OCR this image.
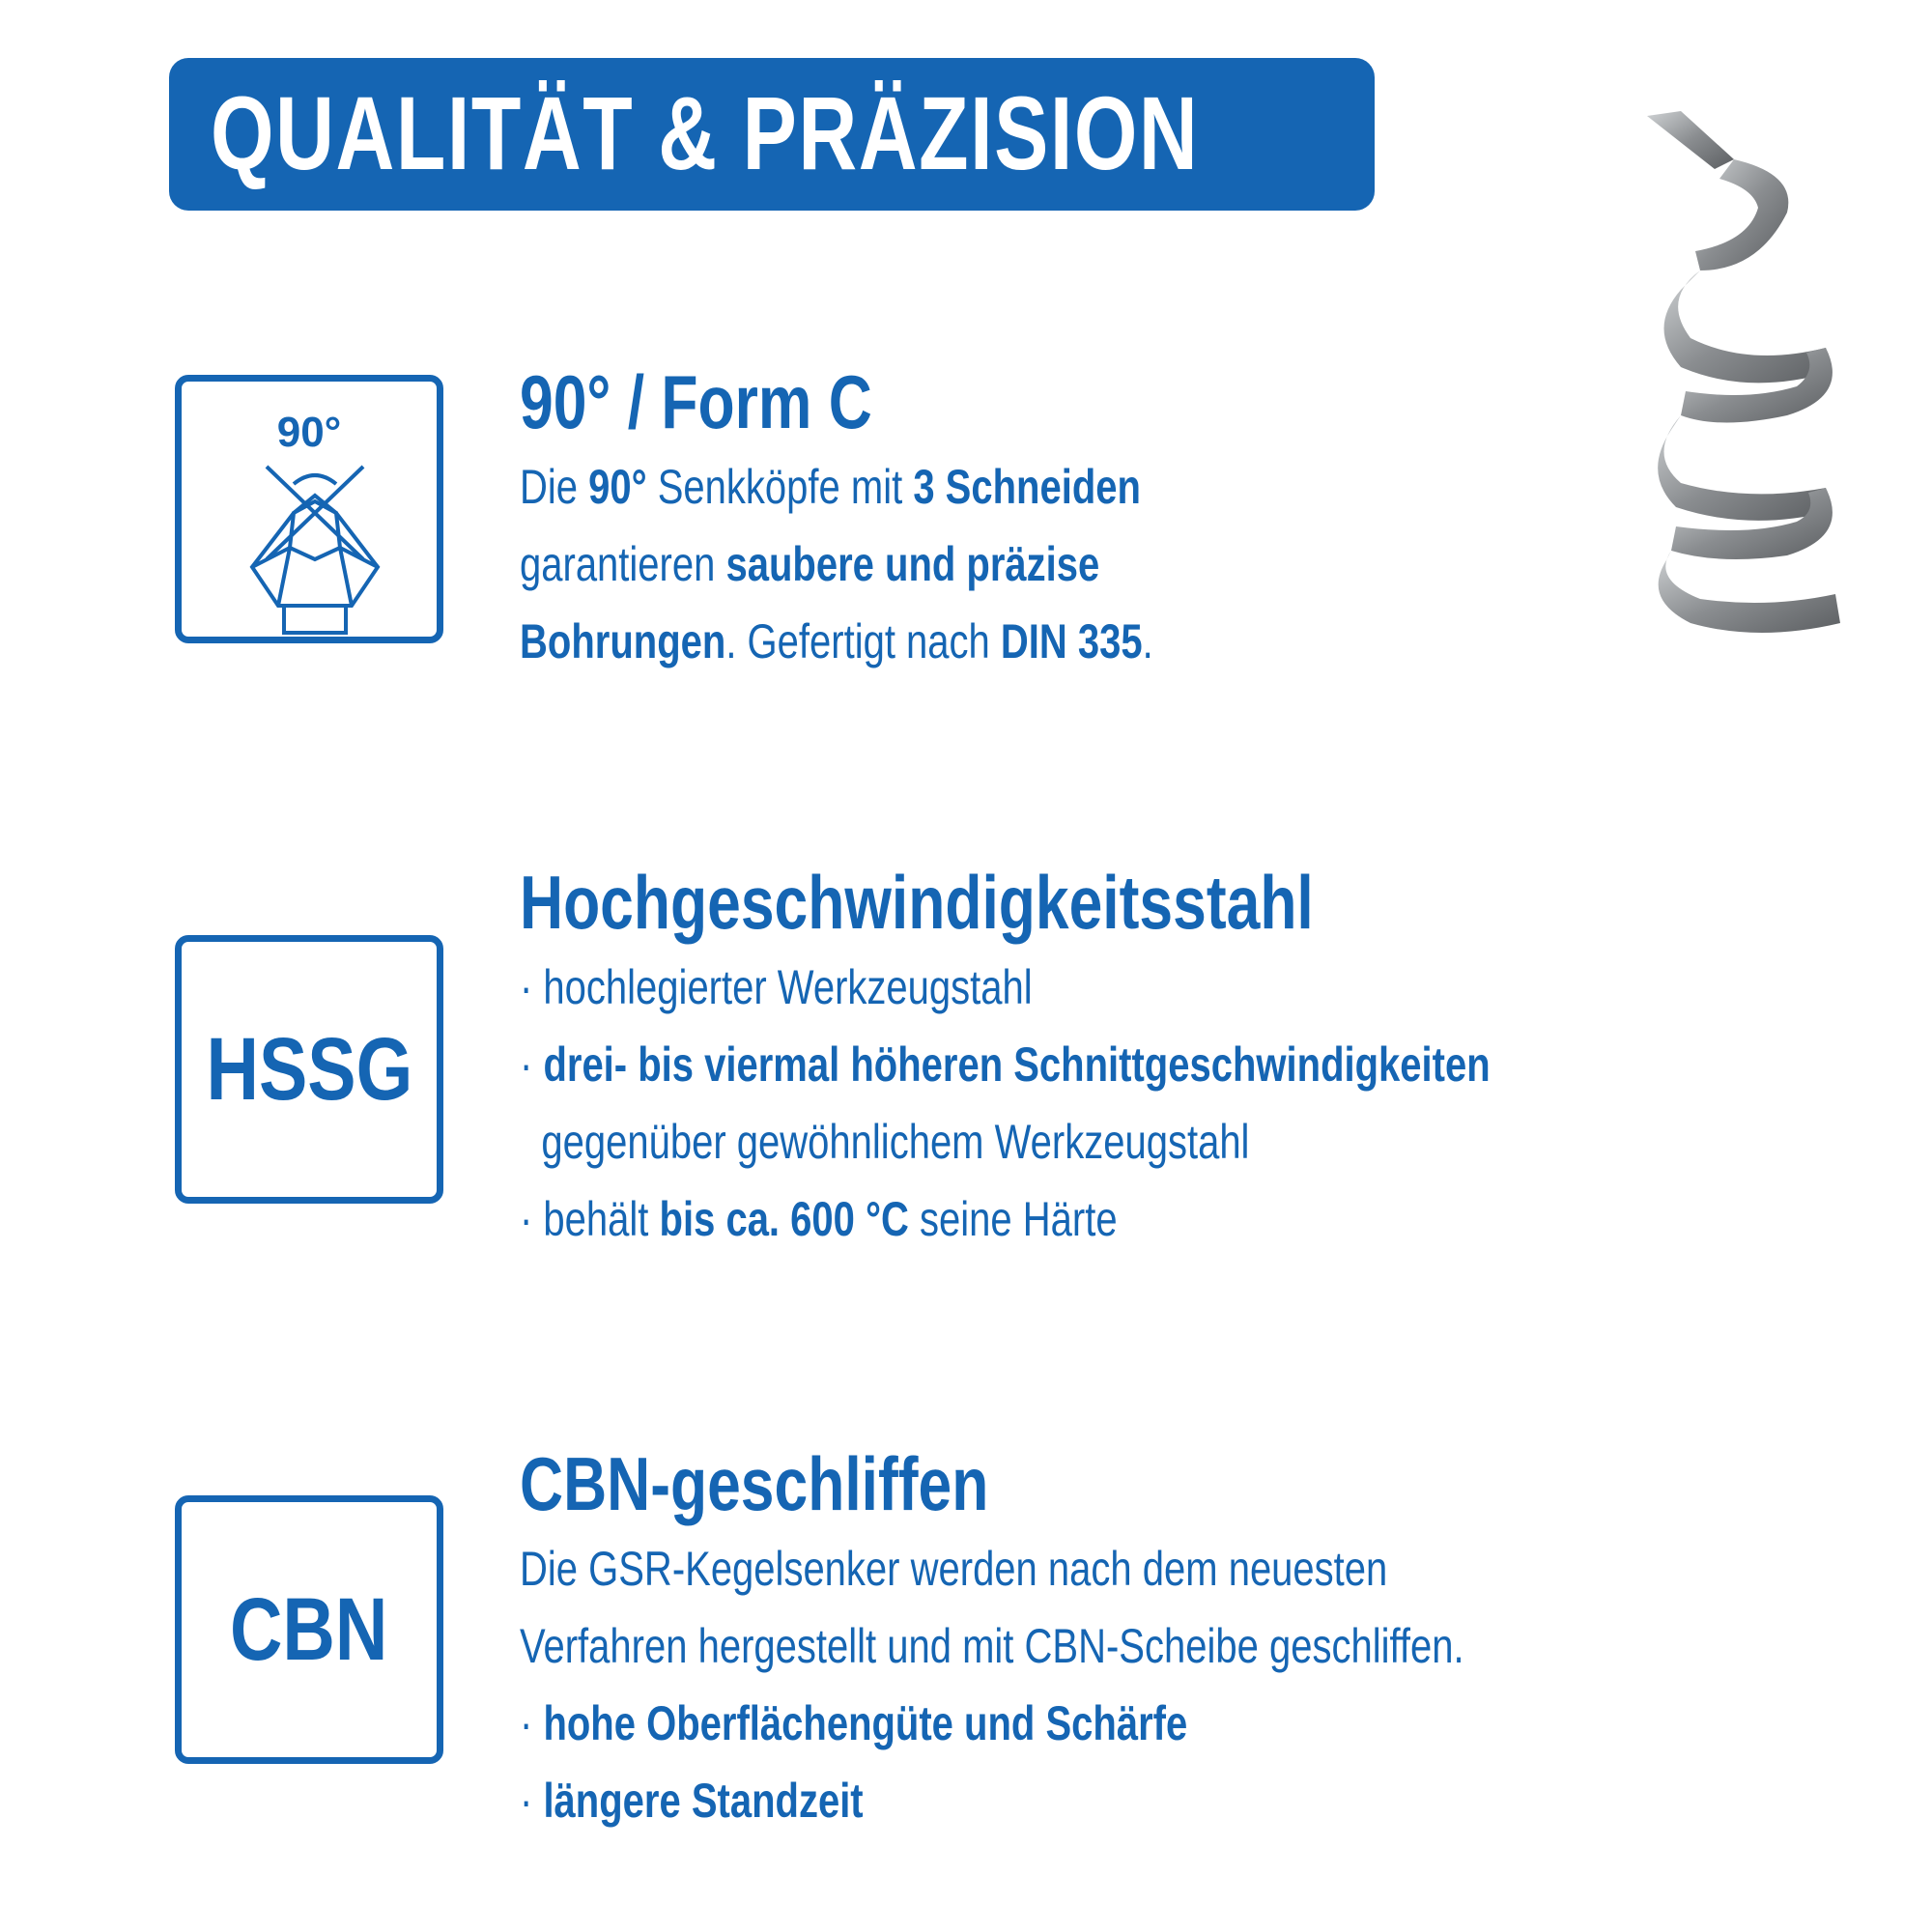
QUALITÄT & PRÄZISION
90°	90° / Form C
Die 90° Senkköpfe mit 3 Schneiden
garantieren saubere und präzise
Bohrungen. Gefertigt nach DIN 335.
HSSG
Hochgeschwindigkeitsstahl
· hochlegierter Werkzeugstahl
· drei- bis viermal höheren Schnittgeschwindigkeiten
gegenüber gewöhnlichem Werkzeugstahl
· behält bis ca. 600 °C seine Härte
CBN
CBN-geschliffen
Die GSR-Kegelsenker werden nach dem neuesten
Verfahren hergestellt und mit CBN-Scheibe geschliffen.
· hohe Oberflächengüte und Schärfe
· längere Standzeit
